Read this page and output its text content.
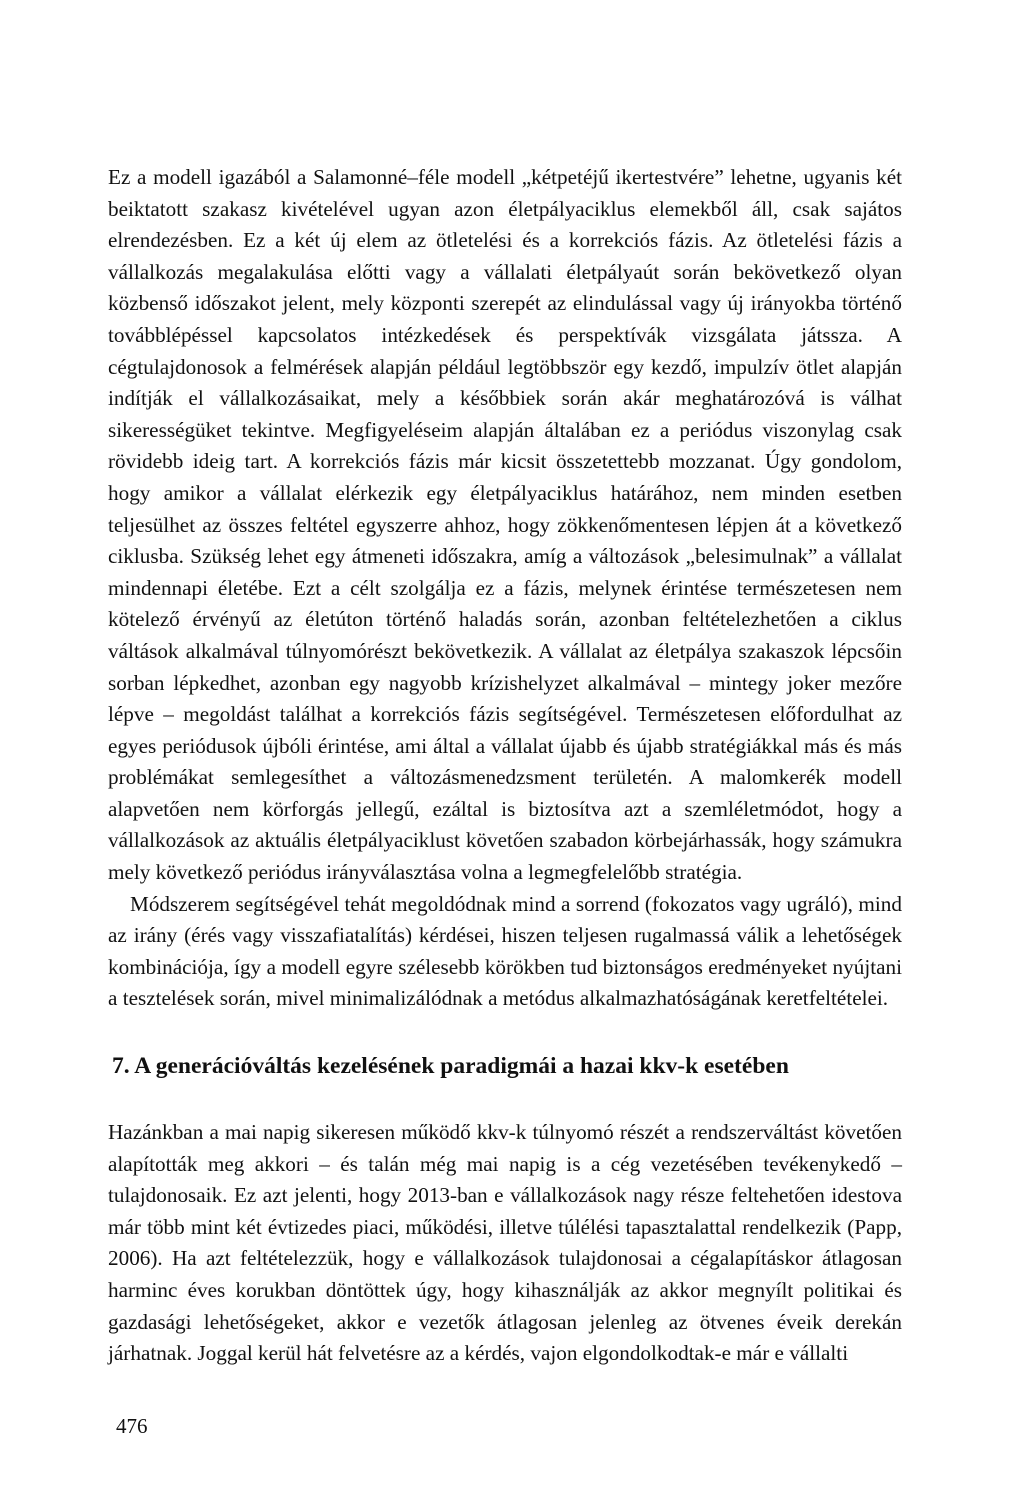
Ez a modell igazából a Salamonné–féle modell „kétpetéjű ikertestvére” lehetne, ugyanis két beiktatott szakasz kivételével ugyan azon életpályaciklus elemekből áll, csak sajátos elrendezésben. Ez a két új elem az ötletelési és a korrekciós fázis. Az ötletelési fázis a vállalkozás megalakulása előtti vagy a vállalati életpályaút során bekövetkező olyan közbenső időszakot jelent, mely központi szerepét az elindulással vagy új irányokba történő továbblépéssel kapcsolatos intézkedések és perspektívák vizsgálata játssza. A cégtulajdonosok a felmérések alapján például legtöbbször egy kezdő, impulzív ötlet alapján indítják el vállalkozásaikat, mely a későbbiek során akár meghatározóvá is válhat sikerességüket tekintve. Megfigyeléseim alapján általában ez a periódus viszonylag csak rövidebb ideig tart. A korrekciós fázis már kicsit összetettebb mozzanat. Úgy gondolom, hogy amikor a vállalat elérkezik egy életpályaciklus határához, nem minden esetben teljesülhet az összes feltétel egyszerre ahhoz, hogy zökkenőmentesen lépjen át a következő ciklusba. Szükség lehet egy átmeneti időszakra, amíg a változások „belesimulnak” a vállalat mindennapi életébe. Ezt a célt szolgálja ez a fázis, melynek érintése természetesen nem kötelező érvényű az életúton történő haladás során, azonban feltételezhetően a ciklus váltások alkalmával túlnyomórészt bekövetkezik. A vállalat az életpálya szakaszok lépcsőin sorban lépkedhet, azonban egy nagyobb krízishelyzet alkalmával – mintegy joker mezőre lépve – megoldást találhat a korrekciós fázis segítségével. Természetesen előfordulhat az egyes periódusok újbóli érintése, ami által a vállalat újabb és újabb stratégiákkal más és más problémákat semlegesíthet a változásmenedzsment területén. A malomkerék modell alapvetően nem körforgás jellegű, ezáltal is biztosítva azt a szemléletmódot, hogy a vállalkozások az aktuális életpályaciklust követően szabadon körbejárhassák, hogy számukra mely következő periódus irányválasztása volna a legmegfelelőbb stratégia.

Módszerem segítségével tehát megoldódnak mind a sorrend (fokozatos vagy ugráló), mind az irány (érés vagy visszafiatalítás) kérdései, hiszen teljesen rugalmassá válik a lehetőségek kombinációja, így a modell egyre szélesebb körökben tud biztonságos eredményeket nyújtani a tesztelések során, mivel minimalizálódnak a metódus alkalmazhatóságának keretfeltételei.

7. A generációváltás kezelésének paradigmái a hazai kkv-k esetében

Hazánkban a mai napig sikeresen működő kkv-k túlnyomó részét a rendszerváltást követően alapították meg akkori – és talán még mai napig is a cég vezetésében tevékenykedő – tulajdonosaik. Ez azt jelenti, hogy 2013-ban e vállalkozások nagy része feltehetően idestova már több mint két évtizedes piaci, működési, illetve túlélési tapasztalattal rendelkezik (Papp, 2006). Ha azt feltételezzük, hogy e vállalkozások tulajdonosai a cégalapításkor átlagosan harminc éves korukban döntöttek úgy, hogy kihasználják az akkor megnyílt politikai és gazdasági lehetőségeket, akkor e vezetők átlagosan jelenleg az ötvenes éveik derekán járhatnak. Joggal kerül hát felvetésre az a kérdés, vajon elgondolkodtak-e már e vállalti

476
